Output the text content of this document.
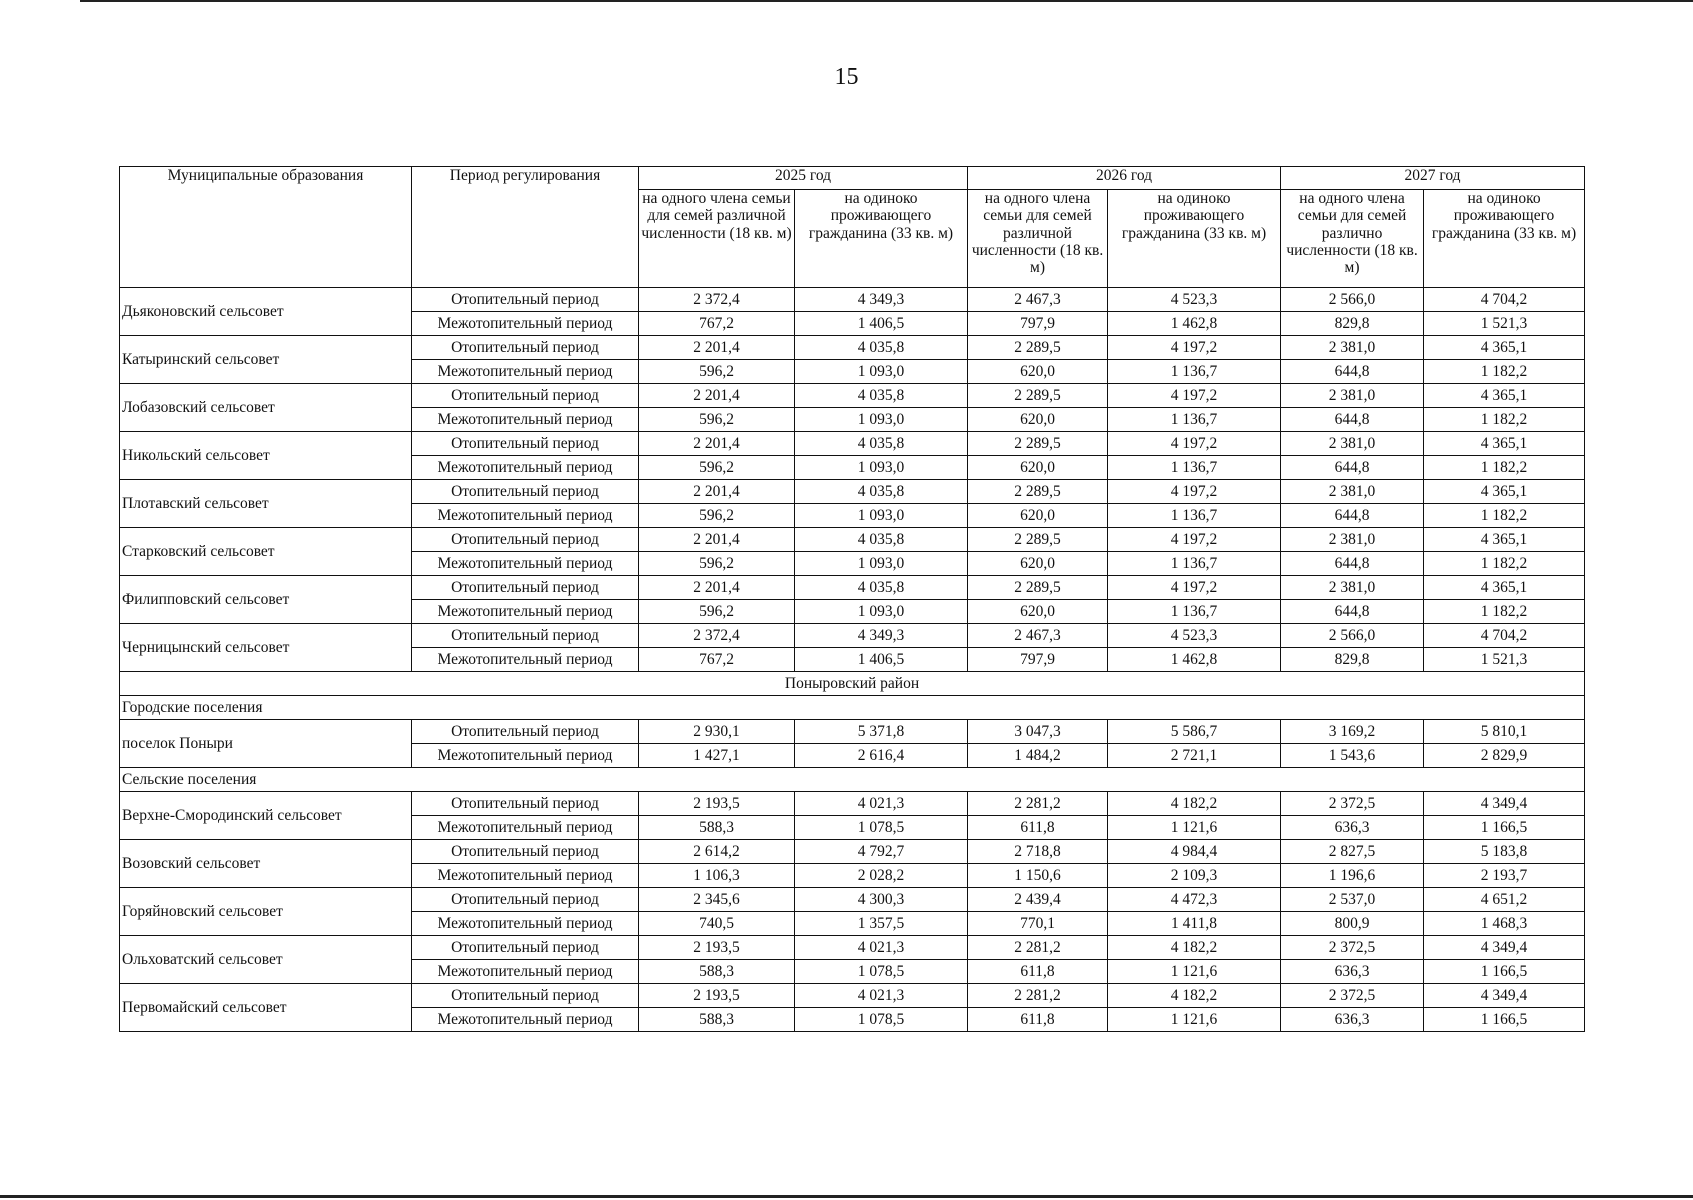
15
Муниципальные образования	Период регулирования	2025 год		2026 год		2027 год	
		на одного члена семьи для семей различной численности (18 кв. м)	на одиноко проживающего гражданина (33 кв. м)	на одного члена семьи для семей различной численности (18 кв. м)	на одиноко проживающего гражданина (33 кв. м)	на одного члена семьи для семей различно численности (18 кв. м)	на одиноко проживающего гражданина (33 кв. м)
Дьяконовский сельсовет	Отопительный период	2 372,4	4 349,3	2 467,3	4 523,3	2 566,0	4 704,2
	Межотопительный период	767,2	1 406,5	797,9	1 462,8	829,8	1 521,3
Катыринский сельсовет	Отопительный период	2 201,4	4 035,8	2 289,5	4 197,2	2 381,0	4 365,1
	Межотопительный период	596,2	1 093,0	620,0	1 136,7	644,8	1 182,2
Лобазовский сельсовет	Отопительный период	2 201,4	4 035,8	2 289,5	4 197,2	2 381,0	4 365,1
	Межотопительный период	596,2	1 093,0	620,0	1 136,7	644,8	1 182,2
Никольский сельсовет	Отопительный период	2 201,4	4 035,8	2 289,5	4 197,2	2 381,0	4 365,1
	Межотопительный период	596,2	1 093,0	620,0	1 136,7	644,8	1 182,2
Плотавский сельсовет	Отопительный период	2 201,4	4 035,8	2 289,5	4 197,2	2 381,0	4 365,1
	Межотопительный период	596,2	1 093,0	620,0	1 136,7	644,8	1 182,2
Старковский сельсовет	Отопительный период	2 201,4	4 035,8	2 289,5	4 197,2	2 381,0	4 365,1
	Межотопительный период	596,2	1 093,0	620,0	1 136,7	644,8	1 182,2
Филипповский сельсовет	Отопительный период	2 201,4	4 035,8	2 289,5	4 197,2	2 381,0	4 365,1
	Межотопительный период	596,2	1 093,0	620,0	1 136,7	644,8	1 182,2
Черницынский сельсовет	Отопительный период	2 372,4	4 349,3	2 467,3	4 523,3	2 566,0	4 704,2
	Межотопительный период	767,2	1 406,5	797,9	1 462,8	829,8	1 521,3
Поныровский район							
Городские поселения							
поселок Поныри	Отопительный период	2 930,1	5 371,8	3 047,3	5 586,7	3 169,2	5 810,1
	Межотопительный период	1 427,1	2 616,4	1 484,2	2 721,1	1 543,6	2 829,9
Сельские поселения							
Верхне-Смородинский сельсовет	Отопительный период	2 193,5	4 021,3	2 281,2	4 182,2	2 372,5	4 349,4
	Межотопительный период	588,3	1 078,5	611,8	1 121,6	636,3	1 166,5
Возовский сельсовет	Отопительный период	2 614,2	4 792,7	2 718,8	4 984,4	2 827,5	5 183,8
	Межотопительный период	1 106,3	2 028,2	1 150,6	2 109,3	1 196,6	2 193,7
Горяйновский сельсовет	Отопительный период	2 345,6	4 300,3	2 439,4	4 472,3	2 537,0	4 651,2
	Межотопительный период	740,5	1 357,5	770,1	1 411,8	800,9	1 468,3
Ольховатский сельсовет	Отопительный период	2 193,5	4 021,3	2 281,2	4 182,2	2 372,5	4 349,4
	Межотопительный период	588,3	1 078,5	611,8	1 121,6	636,3	1 166,5
Первомайский сельсовет	Отопительный период	2 193,5	4 021,3	2 281,2	4 182,2	2 372,5	4 349,4
	Межотопительный период	588,3	1 078,5	611,8	1 121,6	636,3	1 166,5
